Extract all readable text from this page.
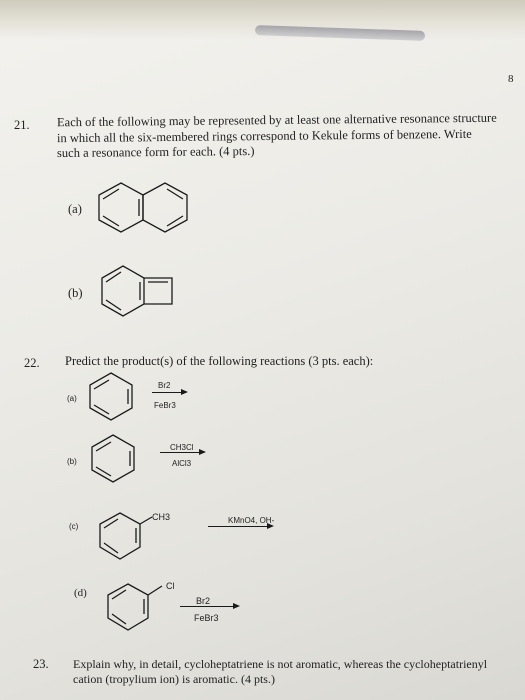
8
21. Each of the following may be represented by at least one alternative resonance structure
in which all the six-membered rings correspond to Kekule forms of benzene. Write
such a resonance form for each. (4 pts.)
(a)
(b)
22. Predict the product(s) of the following reactions (3 pts. each):
(a)
Br2
FeBr3
(b)
CH3Cl
AlCl3
(c)
CH3	KMnO4, OH-
(d)
Cl
Br2
FeBr3
23. Explain why, in detail, cycloheptatriene is not aromatic, whereas the cycloheptatrienyl
cation (tropylium ion) is aromatic. (4 pts.)
